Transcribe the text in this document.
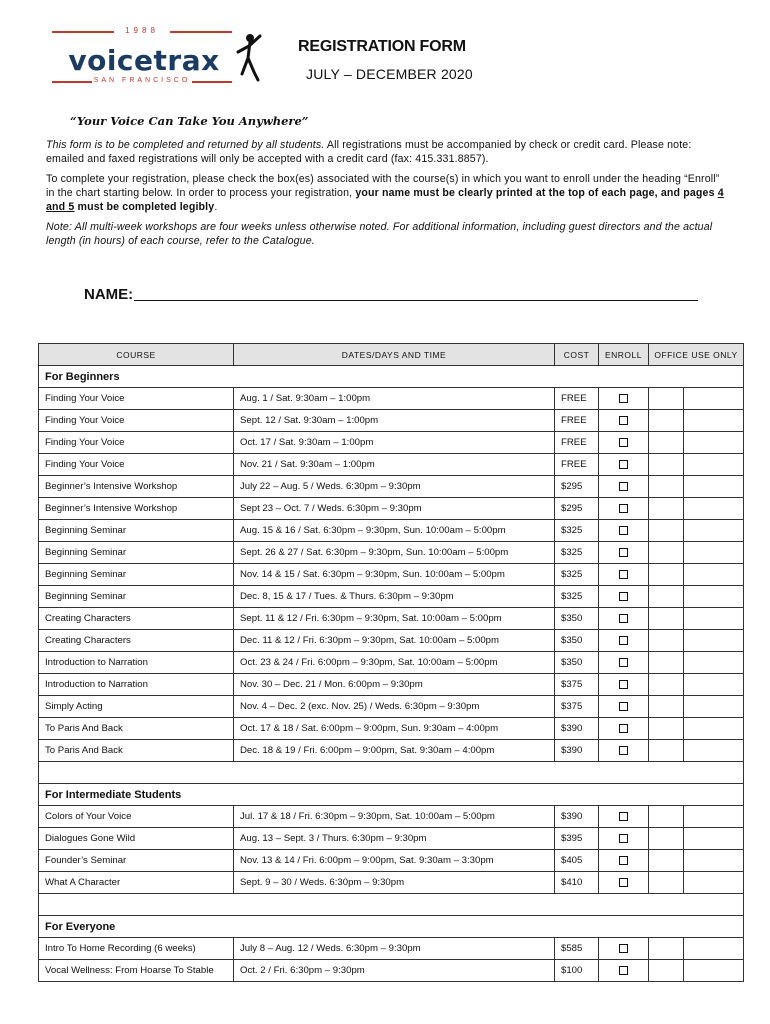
1988
voicetrax
SAN FRANCISCO
REGISTRATION FORM
JULY – DECEMBER 2020
“Your Voice Can Take You Anywhere”
This form is to be completed and returned by all students. All registrations must be accompanied by check or credit card. Please note: emailed and faxed registrations will only be accepted with a credit card (fax: 415.331.8857).
To complete your registration, please check the box(es) associated with the course(s) in which you want to enroll under the heading “Enroll” in the chart starting below. In order to process your registration, your name must be clearly printed at the top of each page, and pages 4 and 5 must be completed legibly.
Note: All multi-week workshops are four weeks unless otherwise noted. For additional information, including guest directors and the actual length (in hours) of each course, refer to the Catalogue.
NAME:
COURSE	DATES/DAYS AND TIME	COST	ENROLL	OFFICE USE ONLY	
For Beginners					
Finding Your Voice	Aug. 1 / Sat. 9:30am – 1:00pm	FREE			
Finding Your Voice	Sept. 12 / Sat. 9:30am – 1:00pm	FREE			
Finding Your Voice	Oct. 17 / Sat. 9:30am – 1:00pm	FREE			
Finding Your Voice	Nov. 21 / Sat. 9:30am – 1:00pm	FREE			
Beginner’s Intensive Workshop	July 22 – Aug. 5 / Weds. 6:30pm – 9:30pm	$295			
Beginner’s Intensive Workshop	Sept 23 – Oct. 7 / Weds. 6:30pm – 9:30pm	$295			
Beginning Seminar	Aug. 15 & 16 / Sat. 6:30pm – 9:30pm, Sun. 10:00am – 5:00pm	$325			
Beginning Seminar	Sept. 26 & 27 / Sat. 6:30pm – 9:30pm, Sun. 10:00am – 5:00pm	$325			
Beginning Seminar	Nov. 14 & 15 / Sat. 6:30pm – 9:30pm, Sun. 10:00am – 5:00pm	$325			
Beginning Seminar	Dec. 8, 15 & 17 / Tues. & Thurs. 6:30pm – 9:30pm	$325			
Creating Characters	Sept. 11 & 12 / Fri. 6:30pm – 9:30pm, Sat. 10:00am – 5:00pm	$350			
Creating Characters	Dec. 11 & 12 / Fri. 6:30pm – 9:30pm, Sat. 10:00am – 5:00pm	$350			
Introduction to Narration	Oct. 23 & 24 / Fri. 6:00pm – 9:30pm, Sat. 10:00am – 5:00pm	$350			
Introduction to Narration	Nov. 30 – Dec. 21 / Mon. 6:00pm – 9:30pm	$375			
Simply Acting	Nov. 4 – Dec. 2 (exc. Nov. 25) / Weds. 6:30pm – 9:30pm	$375			
To Paris And Back	Oct. 17 & 18 / Sat. 6:00pm – 9:00pm, Sun. 9:30am – 4:00pm	$390			
To Paris And Back	Dec. 18 & 19 / Fri. 6:00pm – 9:00pm, Sat. 9:30am – 4:00pm	$390			

For Intermediate Students					
Colors of Your Voice	Jul. 17 & 18 / Fri. 6:30pm – 9:30pm, Sat. 10:00am – 5:00pm	$390			
Dialogues Gone Wild	Aug. 13 – Sept. 3 / Thurs. 6:30pm – 9:30pm	$395			
Founder’s Seminar	Nov. 13 & 14 / Fri. 6:00pm – 9:00pm, Sat. 9:30am – 3:30pm	$405			
What A Character	Sept. 9 – 30 / Weds. 6:30pm – 9:30pm	$410			

For Everyone					
Intro To Home Recording (6 weeks)	July 8 – Aug. 12 / Weds. 6:30pm – 9:30pm	$585			
Vocal Wellness: From Hoarse To Stable	Oct. 2 / Fri. 6:30pm – 9:30pm	$100			
